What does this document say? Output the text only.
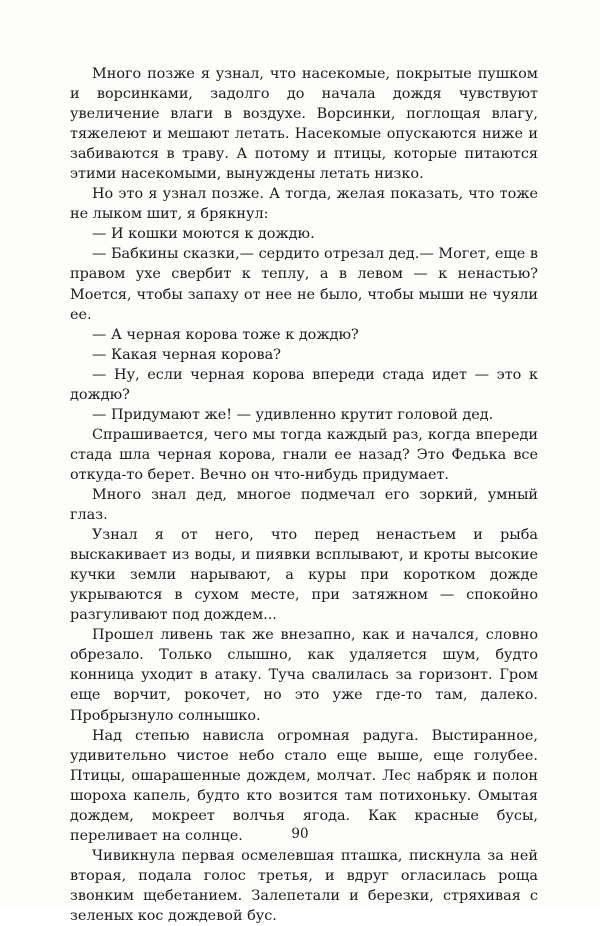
Много позже я узнал, что насекомые, покрытые пушком и ворсинками, задолго до начала дождя чувствуют увеличение влаги в воздухе. Ворсинки, поглощая влагу, тяжелеют и мешают летать. Насекомые опускаются ниже и забиваются в траву. А потому и птицы, которые питаются этими насекомыми, вынуждены летать низко.

Но это я узнал позже. А тогда, желая показать, что тоже не лыком шит, я брякнул:

— И кошки моются к дождю.

— Бабкины сказки,— сердито отрезал дед.— Могет, еще в правом ухе свербит к теплу, а в левом — к ненастью? Моется, чтобы запаху от нее не было, чтобы мыши не чуяли ее.

— А черная корова тоже к дождю?

— Какая черная корова?

— Ну, если черная корова впереди стада идет — это к дождю?

— Придумают же! — удивленно крутит головой дед.

Спрашивается, чего мы тогда каждый раз, когда впереди стада шла черная корова, гнали ее назад? Это Федька все откуда-то берет. Вечно он что-нибудь придумает.

Много знал дед, многое подмечал его зоркий, умный глаз.

Узнал я от него, что перед ненастьем и рыба выскакивает из воды, и пиявки всплывают, и кроты высокие кучки земли нарывают, а куры при коротком дожде укрываются в сухом месте, при затяжном — спокойно разгуливают под дождем...

Прошел ливень так же внезапно, как и начался, словно обрезало. Только слышно, как удаляется шум, будто конница уходит в атаку. Туча свалилась за горизонт. Гром еще ворчит, рокочет, но это уже где-то там, далеко. Пробрызнуло солнышко.

Над степью нависла огромная радуга. Выстиранное, удивительно чистое небо стало еще выше, еще голубее. Птицы, ошарашенные дождем, молчат. Лес набряк и полон шороха капель, будто кто возится там потихоньку. Омытая дождем, мокреет волчья ягода. Как красные бусы, переливает на солнце.

Чивикнула первая осмелевшая пташка, пискнула за ней вторая, подала голос третья, и вдруг огласилась роща звонким щебетанием. Залепетали и березки, стряхивая с зеленых кос дождевой бус.

90
